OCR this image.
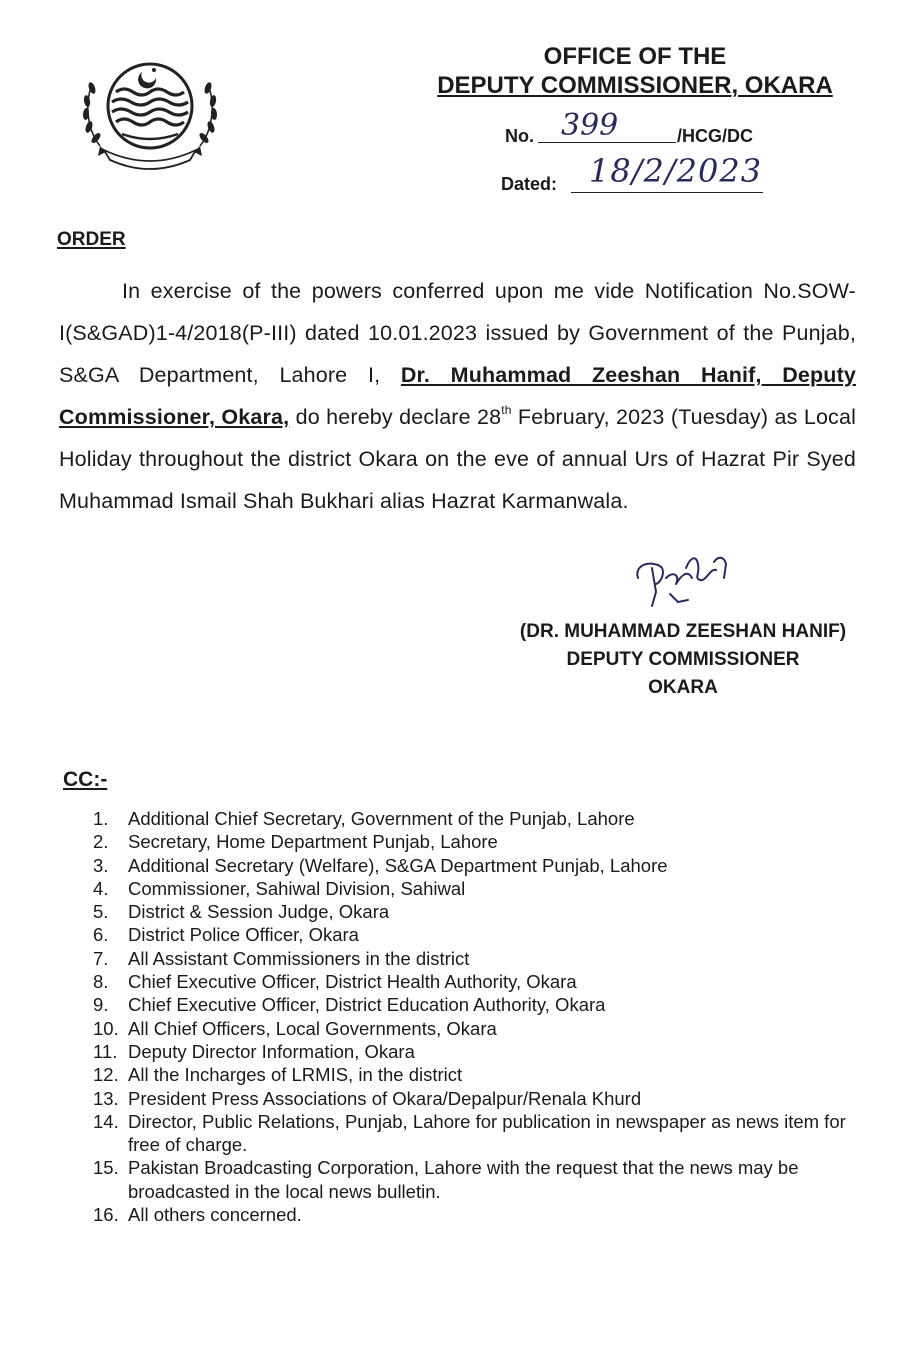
OFFICE OF THE
DEPUTY COMMISSIONER, OKARA
No. 399	/HCG/DC
Dated: 18/2/2023
ORDER

In exercise of the powers conferred upon me vide Notification No.SOW-I(S&GAD)1-4/2018(P-III) dated 10.01.2023 issued by Government of the Punjab, S&GA Department, Lahore I, Dr. Muhammad Zeeshan Hanif, Deputy Commissioner, Okara, do hereby declare 28th February, 2023 (Tuesday) as Local Holiday throughout the district Okara on the eve of annual Urs of Hazrat Pir Syed Muhammad Ismail Shah Bukhari alias Hazrat Karmanwala.

(DR. MUHAMMAD ZEESHAN HANIF)
DEPUTY COMMISSIONER
OKARA
CC:-
1.	Additional Chief Secretary, Government of the Punjab, Lahore
2.	Secretary, Home Department Punjab, Lahore
3.	Additional Secretary (Welfare), S&GA Department Punjab, Lahore
4.	Commissioner, Sahiwal Division, Sahiwal
5.	District & Session Judge, Okara
6.	District Police Officer, Okara
7.	All Assistant Commissioners in the district
8.	Chief Executive Officer, District Health Authority, Okara
9.	Chief Executive Officer, District Education Authority, Okara
10. All Chief Officers, Local Governments, Okara
11. Deputy Director Information, Okara
12. All the Incharges of LRMIS, in the district
13. President Press Associations of Okara/Depalpur/Renala Khurd
14. Director, Public Relations, Punjab, Lahore for publication in newspaper as news item for free of charge.
15. Pakistan Broadcasting Corporation, Lahore with the request that the news may be broadcasted in the local news bulletin.
16. All others concerned.
